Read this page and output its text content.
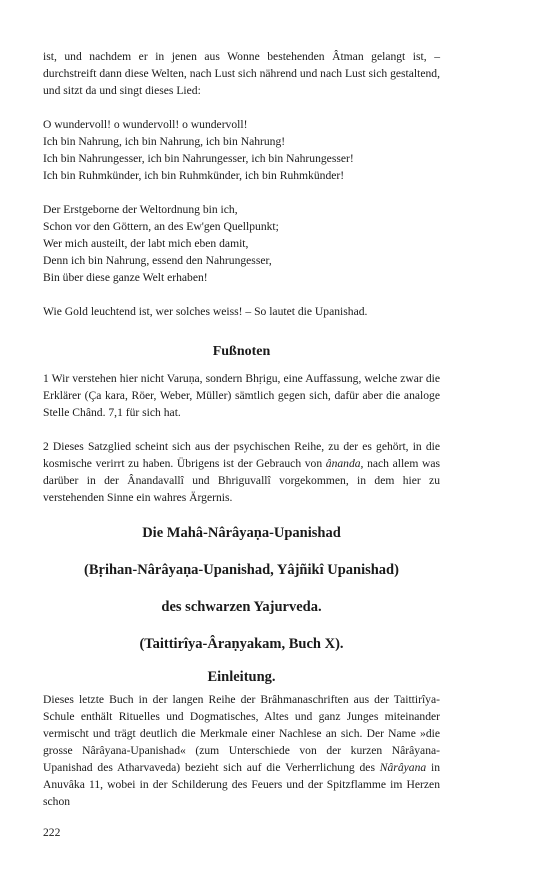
ist, und nachdem er in jenen aus Wonne bestehenden Âtman gelangt ist, – durchstreift dann diese Welten, nach Lust sich nährend und nach Lust sich gestaltend, und sitzt da und singt dieses Lied:

O wundervoll! o wundervoll! o wundervoll!
Ich bin Nahrung, ich bin Nahrung, ich bin Nahrung!
Ich bin Nahrungesser, ich bin Nahrungesser, ich bin Nahrungesser!
Ich bin Ruhmkünder, ich bin Ruhmkünder, ich bin Ruhmkünder!
Der Erstgeborne der Weltordnung bin ich,
Schon vor den Göttern, an des Ew'gen Quellpunkt;
Wer mich austeilt, der labt mich eben damit,
Denn ich bin Nahrung, essend den Nahrungesser,
Bin über diese ganze Welt erhaben!

Wie Gold leuchtend ist, wer solches weiss! – So lautet die Upanishad.

Fußnoten

1 Wir verstehen hier nicht Varuṇa, sondern Bhṛigu, eine Auffassung, welche zwar die Erklärer (Ça kara, Röer, Weber, Müller) sämtlich gegen sich, dafür aber die analoge Stelle Chând. 7,1 für sich hat.

2 Dieses Satzglied scheint sich aus der psychischen Reihe, zu der es gehört, in die kosmische verirrt zu haben. Übrigens ist der Gebrauch von ânanda, nach allem was darüber in der Ânandavallî und Bhriguvallî vorgekommen, in dem hier zu verstehenden Sinne ein wahres Ärgernis.

Die Mahâ-Nârâyaṇa-Upanishad
(Bṛihan-Nârâyaṇa-Upanishad, Yâjñikî Upanishad)
des schwarzen Yajurveda.
(Taittirîya-Âraṇyakam, Buch X).
Einleitung.

Dieses letzte Buch in der langen Reihe der Brâhmanaschriften aus der Taittirîya-Schule enthält Rituelles und Dogmatisches, Altes und ganz Junges miteinander vermischt und trägt deutlich die Merkmale einer Nachlese an sich. Der Name »die grosse Nârâyana-Upanishad« (zum Unterschiede von der kurzen Nârâyana-Upanishad des Atharvaveda) bezieht sich auf die Verherrlichung des Nârâyana in Anuvâka 11, wobei in der Schilderung des Feuers und der Spitzflamme im Herzen schon

222
